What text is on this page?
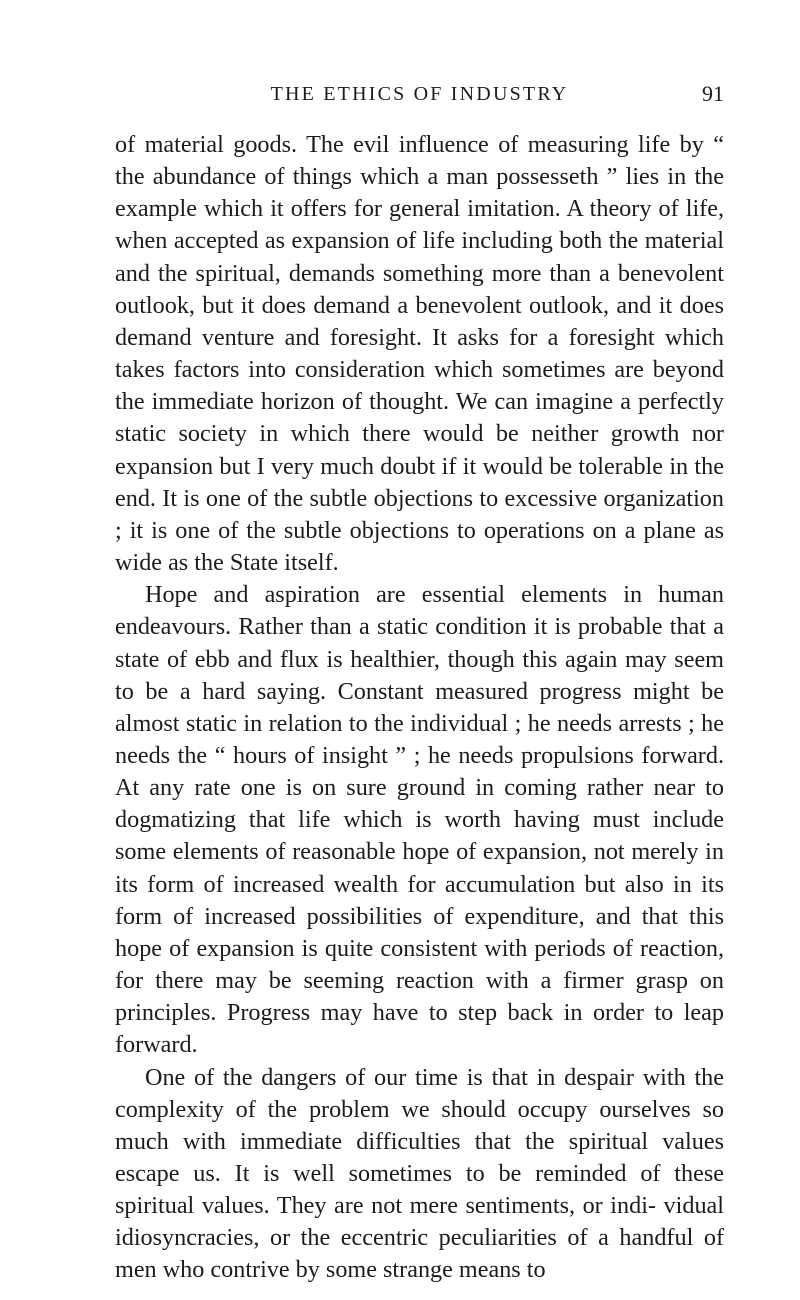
THE ETHICS OF INDUSTRY	91

of material goods. The evil influence of measuring life by “ the abundance of things which a man possesseth ” lies in the example which it offers for general imitation. A theory of life, when accepted as expansion of life including both the material and the spiritual, demands something more than a benevolent outlook, but it does demand a benevolent outlook, and it does demand venture and foresight. It asks for a foresight which takes factors into consideration which sometimes are beyond the immediate horizon of thought. We can imagine a perfectly static society in which there would be neither growth nor expansion but I very much doubt if it would be tolerable in the end. It is one of the subtle objections to excessive organization ; it is one of the subtle objections to operations on a plane as wide as the State itself.

Hope and aspiration are essential elements in human endeavours. Rather than a static condition it is probable that a state of ebb and flux is healthier, though this again may seem to be a hard saying. Constant measured progress might be almost static in relation to the individual ; he needs arrests ; he needs the “ hours of insight ” ; he needs propulsions forward. At any rate one is on sure ground in coming rather near to dogmatizing that life which is worth having must include some elements of reasonable hope of expansion, not merely in its form of increased wealth for accumulation but also in its form of increased possibilities of expenditure, and that this hope of expansion is quite consistent with periods of reaction, for there may be seeming reaction with a firmer grasp on principles. Progress may have to step back in order to leap forward.

One of the dangers of our time is that in despair with the complexity of the problem we should occupy ourselves so much with immediate difficulties that the spiritual values escape us. It is well sometimes to be reminded of these spiritual values. They are not mere sentiments, or indi- vidual idiosyncracies, or the eccentric peculiarities of a handful of men who contrive by some strange means to
